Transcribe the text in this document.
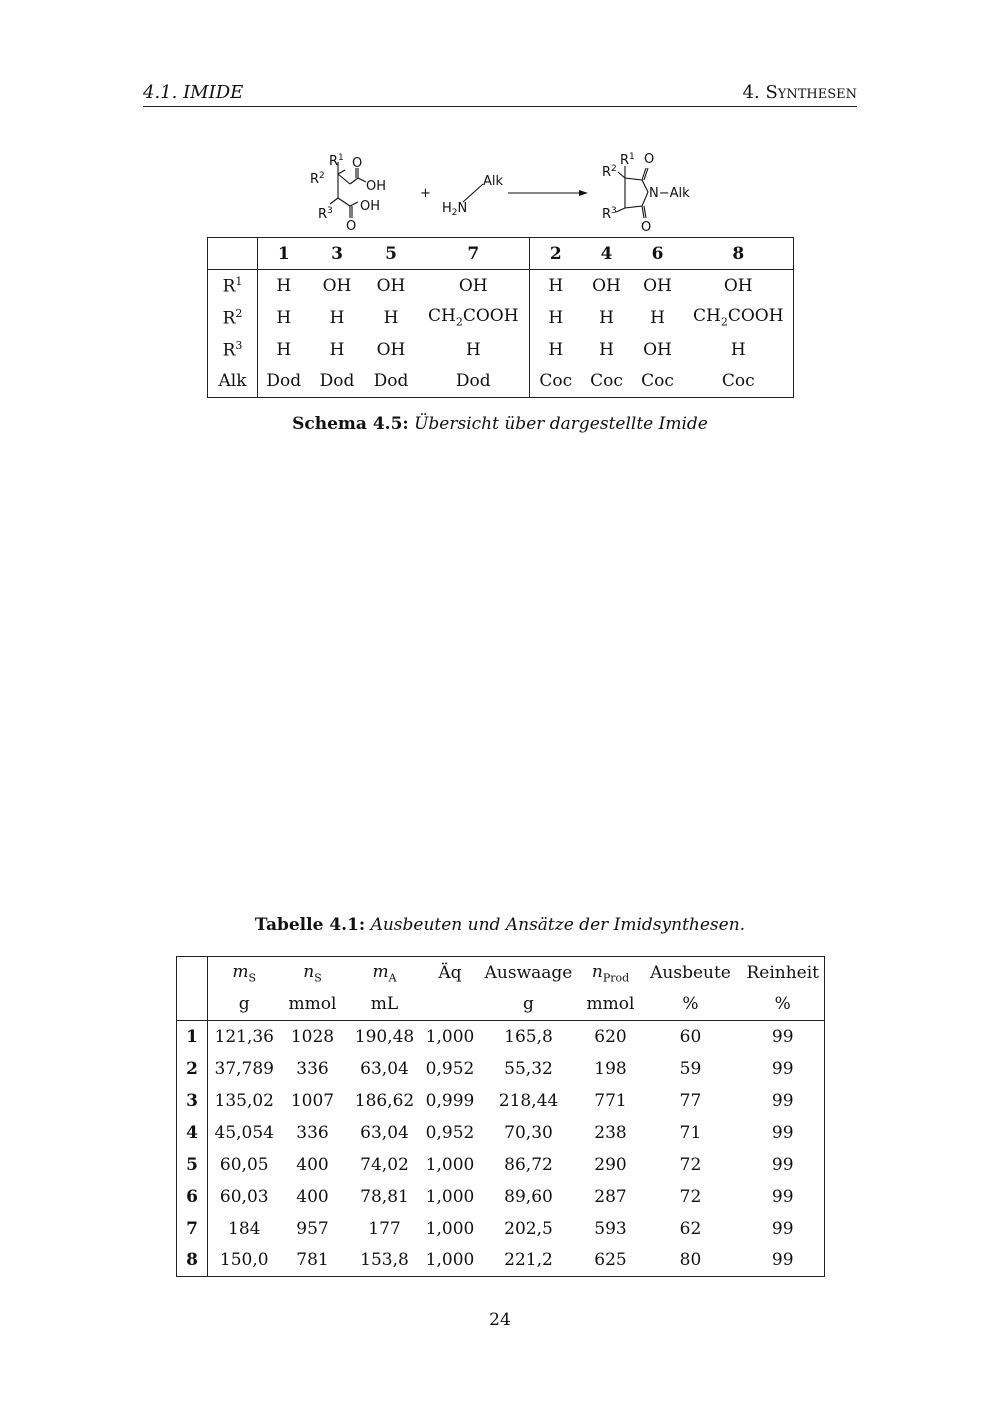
4.1. IMIDE	4. Synthesen
$R^1$
$R^2$
$R^3$
O
OH
OH
O
+
Alk
$H_2N$
$R^1$
$R^2$
$R^3$
O
N−Alk
O
	1	3	5	7	2	4	6	8
$R^1$	H	OH	OH	OH	H	OH	OH	OH
$R^2$	H	H	H	$CH_2COOH$	H	H	H	$CH_2COOH$
$R^3$	H	H	OH	H	H	H	OH	H
Alk	Dod	Dod	Dod	Dod	Coc	Coc	Coc	Coc
Schema 4.5: Übersicht über dargestellte Imide
Tabelle 4.1: Ausbeuten und Ansätze der Imidsynthesen.
	$m_S$	$n_S$	$m_A$	Äq	Auswaage	$n_{Prod}$	Ausbeute	Reinheit
	g	mmol	mL		g	mmol	%	%
1	121,36	1028	190,48	1,000	165,8	620	60	99
2	37,789	336	63,04	0,952	55,32	198	59	99
3	135,02	1007	186,62	0,999	218,44	771	77	99
4	45,054	336	63,04	0,952	70,30	238	71	99
5	60,05	400	74,02	1,000	86,72	290	72	99
6	60,03	400	78,81	1,000	89,60	287	72	99
7	184	957	177	1,000	202,5	593	62	99
8	150,0	781	153,8	1,000	221,2	625	80	99
24
